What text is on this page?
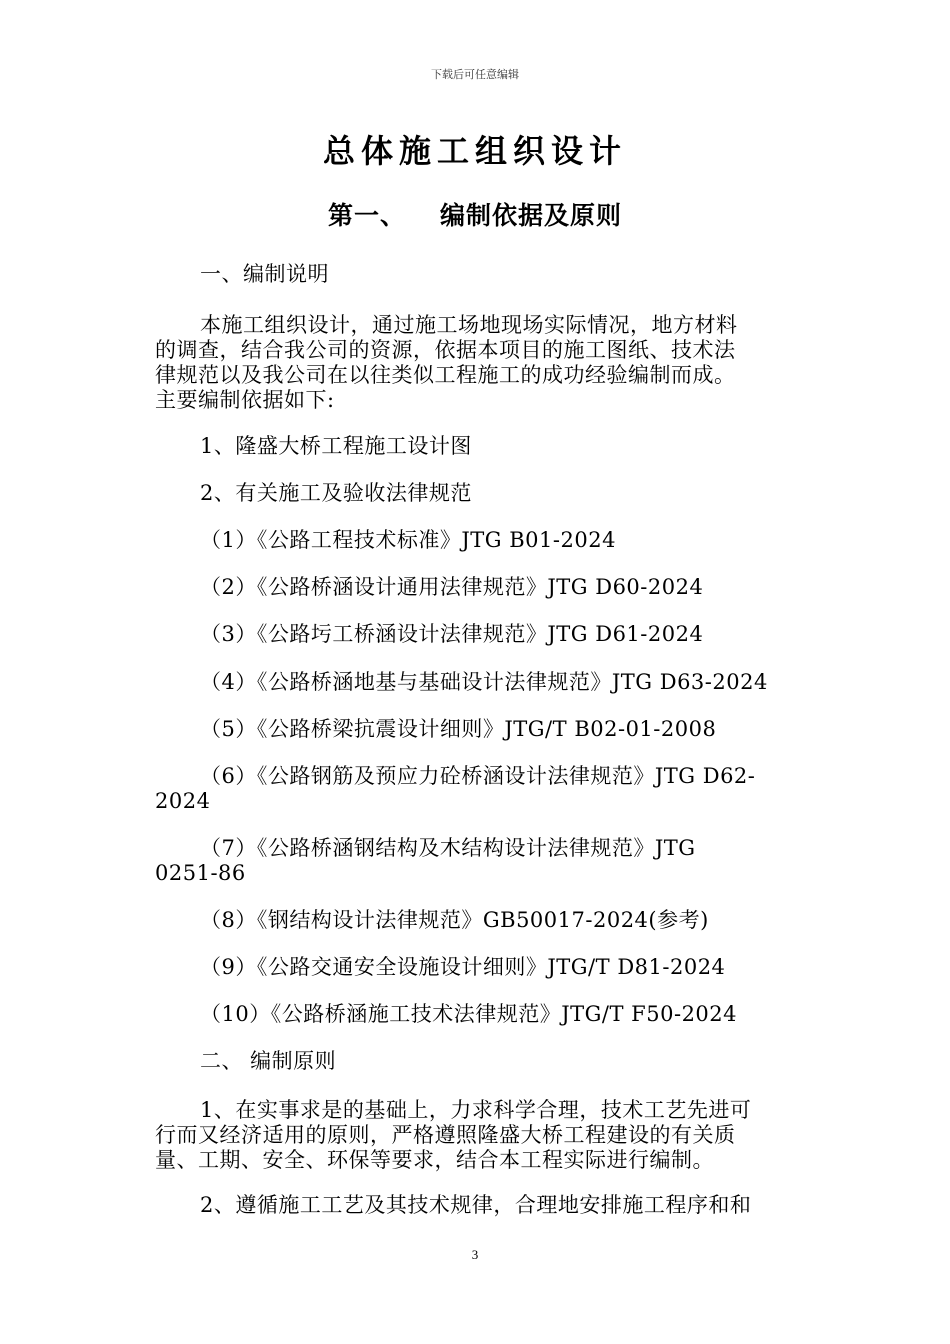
下载后可任意编辑
总体施工组织设计
第一、 编制依据及原则
一、编制说明
本施工组织设计，通过施工场地现场实际情况，地方材料
的调查，结合我公司的资源，依据本项目的施工图纸、技术法
律规范以及我公司在以往类似工程施工的成功经验编制而成。
主要编制依据如下:
1、隆盛大桥工程施工设计图
2、有关施工及验收法律规范
（1）《公路工程技术标准》JTG B01-2024
（2）《公路桥涵设计通用法律规范》JTG D60-2024
（3）《公路圬工桥涵设计法律规范》JTG D61-2024
（4）《公路桥涵地基与基础设计法律规范》JTG D63-2024
（5）《公路桥梁抗震设计细则》JTG/T B02-01-2008
（6）《公路钢筋及预应力砼桥涵设计法律规范》JTG D62-
2024
（7）《公路桥涵钢结构及木结构设计法律规范》JTG
0251-86
（8）《钢结构设计法律规范》GB50017-2024(参考)
（9）《公路交通安全设施设计细则》JTG/T D81-2024
（10）《公路桥涵施工技术法律规范》JTG/T F50-2024
二、 编制原则
1、在实事求是的基础上，力求科学合理，技术工艺先进可
行而又经济适用的原则，严格遵照隆盛大桥工程建设的有关质
量、工期、安全、环保等要求，结合本工程实际进行编制。
2、遵循施工工艺及其技术规律，合理地安排施工程序和和
3
